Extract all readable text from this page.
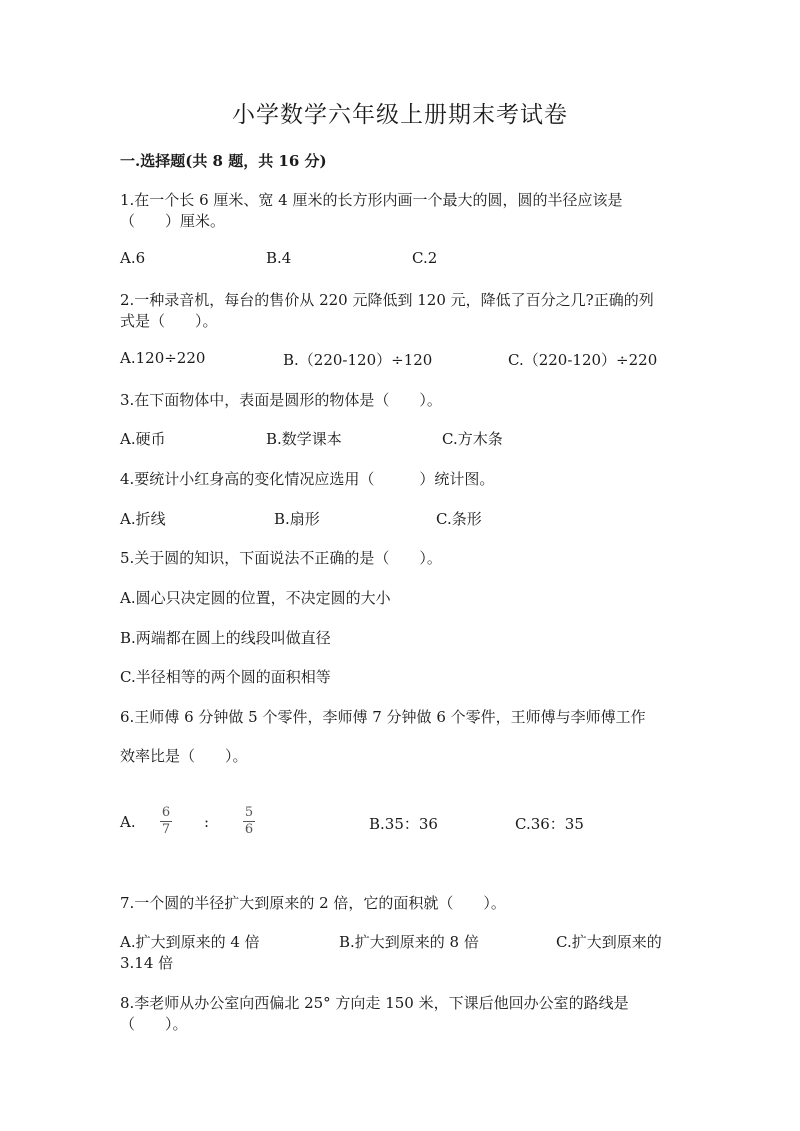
小学数学六年级上册期末考试卷
一.选择题(共 8 题，共 16 分)
1.在一个长 6 厘米、宽 4 厘米的长方形内画一个最大的圆，圆的半径应该是
（　　）厘米。
A.6	B.4	C.2
2.一种录音机，每台的售价从 220 元降低到 120 元，降低了百分之几?正确的列
式是（　　）。
A.120÷220	B.（220-120）÷120	C.（220-120）÷220
3.在下面物体中，表面是圆形的物体是（　　）。
A.硬币	B.数学课本	C.方木条
4.要统计小红身高的变化情况应选用（　　　）统计图。
A.折线	B.扇形	C.条形
5.关于圆的知识，下面说法不正确的是（　　）。
A.圆心只决定圆的位置，不决定圆的大小
B.两端都在圆上的线段叫做直径
C.半径相等的两个圆的面积相等
6.王师傅 6 分钟做 5 个零件，李师傅 7 分钟做 6 个零件，王师傅与李师傅工作
效率比是（　　）。
A.
6
7 :
5
6	B.35：36	C.36：35
7.一个圆的半径扩大到原来的 2 倍，它的面积就（　　）。
A.扩大到原来的 4 倍	B.扩大到原来的 8 倍	C.扩大到原来的
3.14 倍
8.李老师从办公室向西偏北 25° 方向走 150 米，下课后他回办公室的路线是
（　　）。
